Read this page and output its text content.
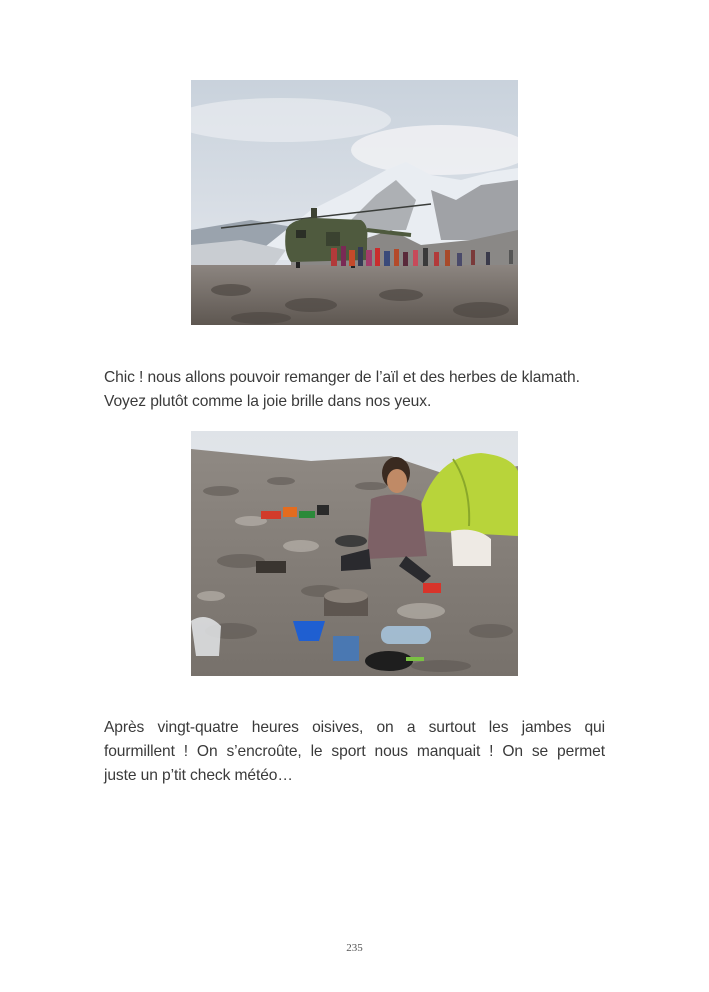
Chic ! nous allons pouvoir remanger de l’aïl et des herbes de klamath.
Voyez plutôt comme la joie brille dans nos yeux.

Après vingt-quatre heures oisives, on a surtout les jambes qui
fourmillent ! On s’encroûte, le sport nous manquait ! On se permet
juste un p’tit check météo…

235
